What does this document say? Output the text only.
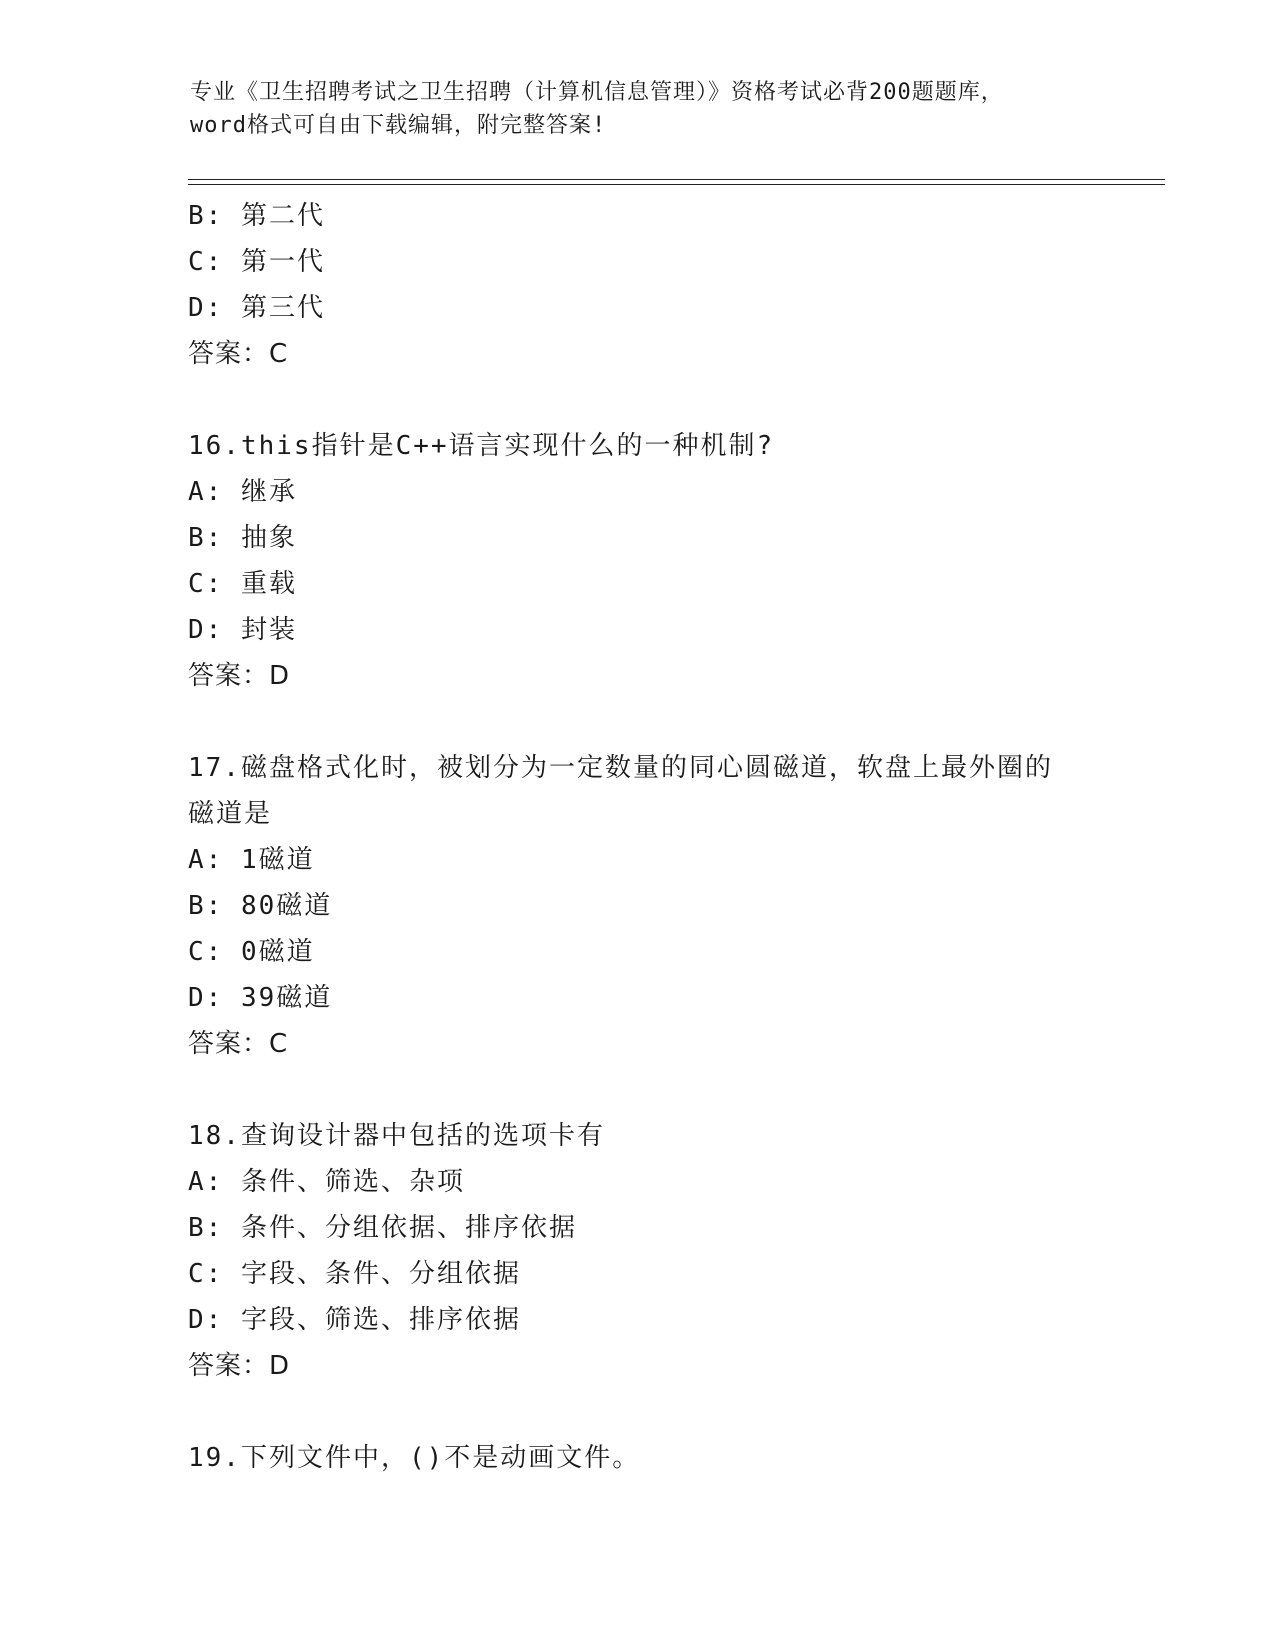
专业《卫生招聘考试之卫生招聘（计算机信息管理）》资格考试必背200题题库，
word格式可自由下载编辑，附完整答案!
B: 第二代
C: 第一代
D: 第三代
答案：C
16.this指针是C++语言实现什么的一种机制?
A: 继承
B: 抽象
C: 重载
D: 封装
答案：D
17.磁盘格式化时，被划分为一定数量的同心圆磁道，软盘上最外圈的
磁道是
A: 1磁道
B: 80磁道
C: 0磁道
D: 39磁道
答案：C
18.查询设计器中包括的选项卡有
A: 条件、筛选、杂项
B: 条件、分组依据、排序依据
C: 字段、条件、分组依据
D: 字段、筛选、排序依据
答案：D
19.下列文件中，()不是动画文件。
